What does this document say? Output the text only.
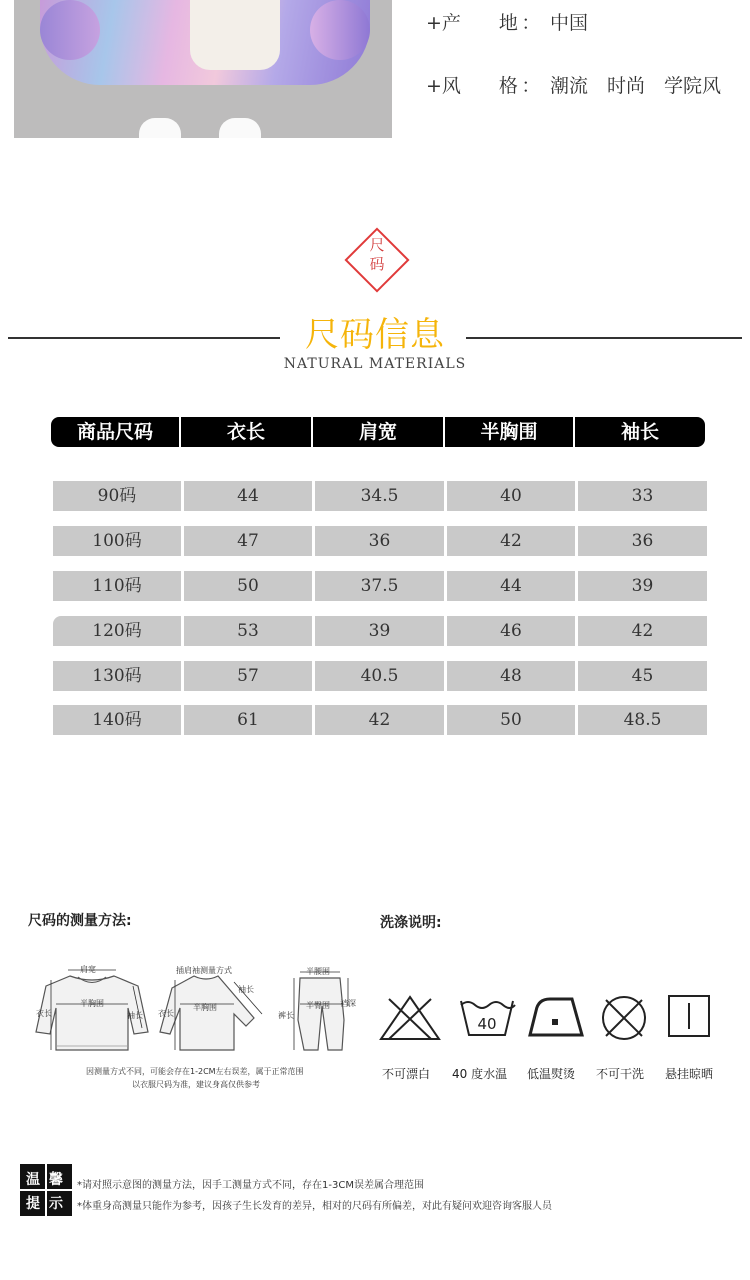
+产　　地 ： 中国
+风　　格 ： 潮流　时尚　学院风
尺
码
尺码信息
NATURAL MATERIALS
商品尺码	衣长	肩宽	半胸围	袖长
90码	44	34.5	40	33
100码	47	36	42	36
110码	50	37.5	44	39
120码	53	39	46	42
130码	57	40.5	48	45
140码	61	42	50	48.5
尺码的测量方法:
肩宽
衣长
半胸围
袖长
插肩袖测量方式
衣长
半胸围
袖长
半腰围
裤长
半臀围 裆深
因测量方式不同，可能会存在1-2CM左右误差，属于正常范围
以衣服尺码为准，建议身高仅供参考
洗涤说明:
40
不可漂白 40 度水温 低温熨烫 不可干洗 悬挂晾晒
温 馨
提 示
*请对照示意图的测量方法，因手工测量方式不同，存在1-3CM误差属合理范围
*体重身高测量只能作为参考，因孩子生长发育的差异，相对的尺码有所偏差，对此有疑问欢迎咨询客服人员
